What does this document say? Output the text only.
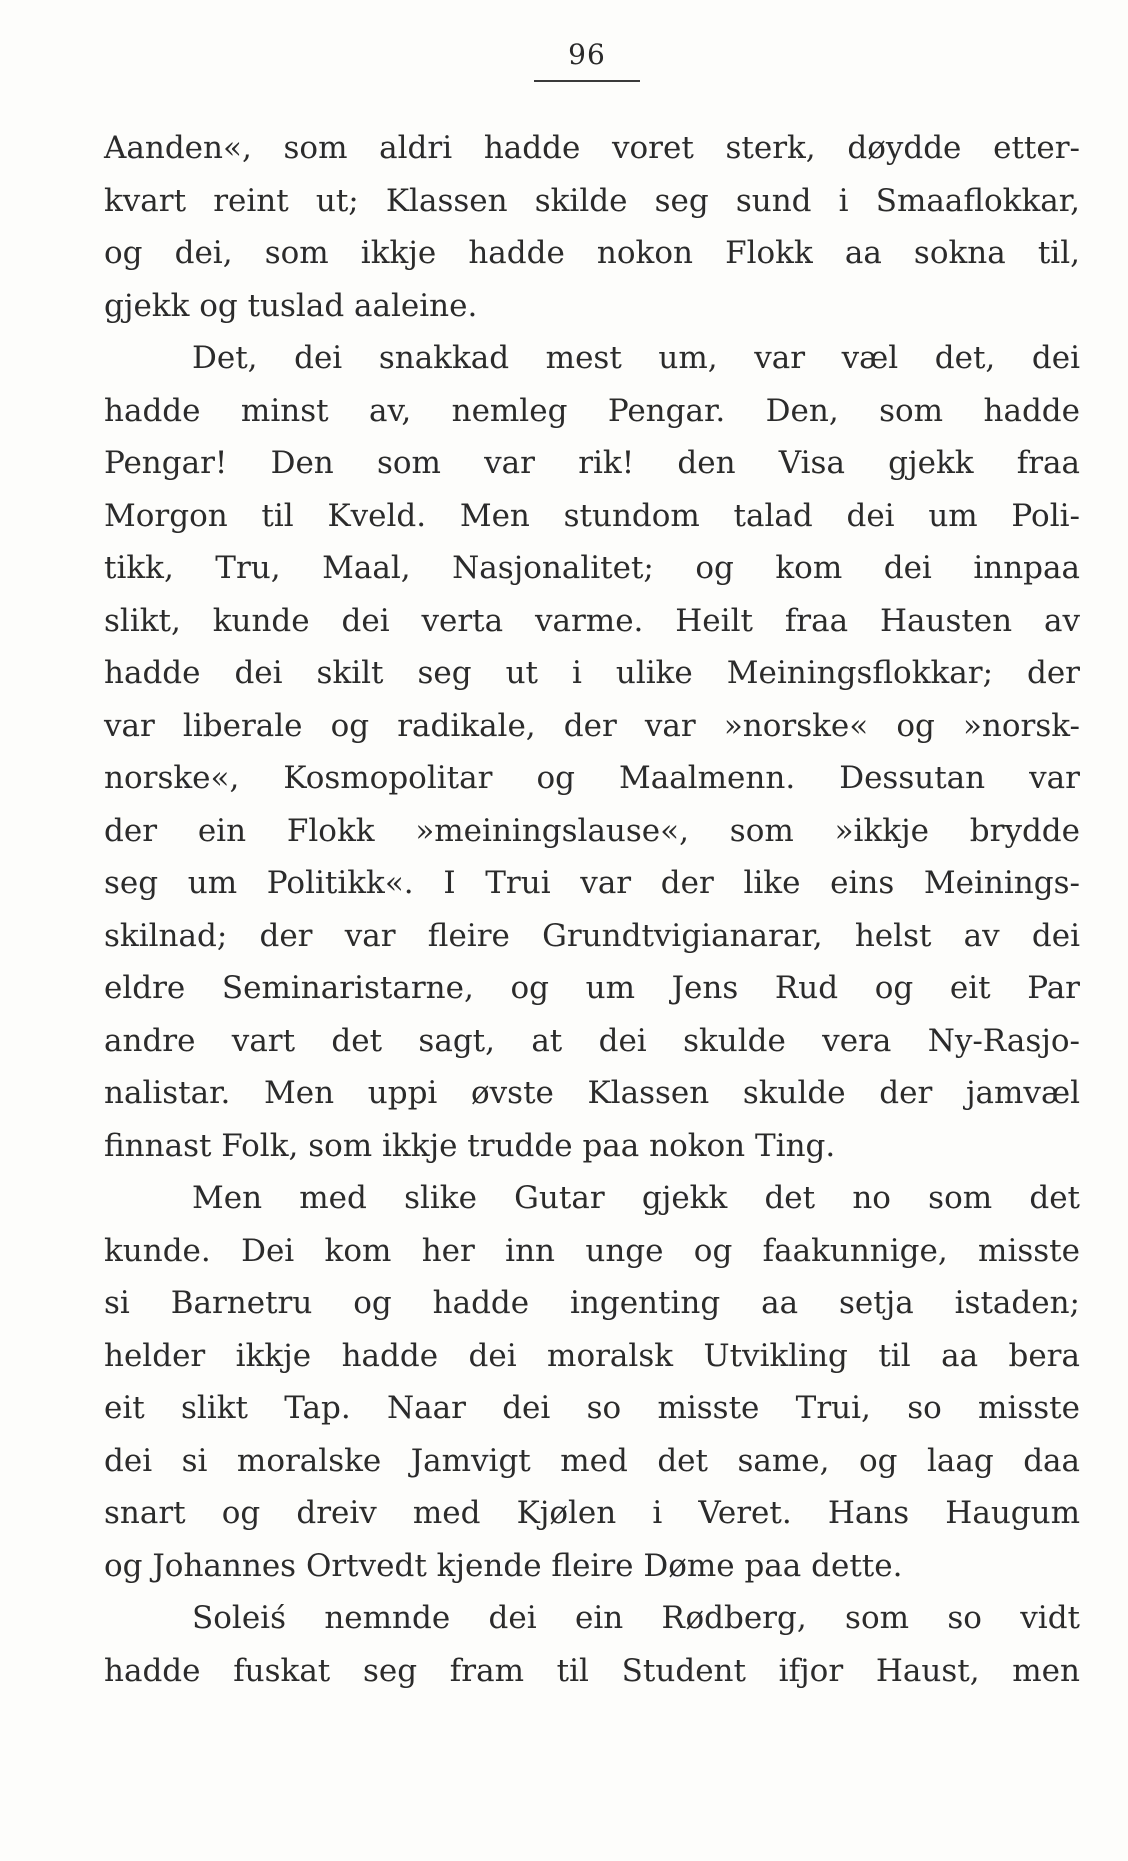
96
Aanden«, som aldri hadde voret sterk, døydde etter-
kvart reint ut; Klassen skilde seg sund i Smaaflokkar,
og dei, som ikkje hadde nokon Flokk aa sokna til,
gjekk og tuslad aaleine.
Det, dei snakkad mest um, var væl det, dei
hadde minst av, nemleg Pengar. Den, som hadde
Pengar! Den som var rik! den Visa gjekk fraa
Morgon til Kveld. Men stundom talad dei um Poli-
tikk, Tru, Maal, Nasjonalitet; og kom dei innpaa
slikt, kunde dei verta varme. Heilt fraa Hausten av
hadde dei skilt seg ut i ulike Meiningsflokkar; der
var liberale og radikale, der var »norske« og »norsk-
norske«, Kosmopolitar og Maalmenn. Dessutan var
der ein Flokk »meiningslause«, som »ikkje brydde
seg um Politikk«. I Trui var der like eins Meinings-
skilnad; der var fleire Grundtvigianarar, helst av dei
eldre Seminaristarne, og um Jens Rud og eit Par
andre vart det sagt, at dei skulde vera Ny-Rasjo-
nalistar. Men uppi øvste Klassen skulde der jamvæl
finnast Folk, som ikkje trudde paa nokon Ting.
Men med slike Gutar gjekk det no som det
kunde. Dei kom her inn unge og faakunnige, misste
si Barnetru og hadde ingenting aa setja istaden;
helder ikkje hadde dei moralsk Utvikling til aa bera
eit slikt Tap. Naar dei so misste Trui, so misste
dei si moralske Jamvigt med det same, og laag daa
snart og dreiv med Kjølen i Veret. Hans Haugum
og Johannes Ortvedt kjende fleire Døme paa dette.
Soleiś nemnde dei ein Rødberg, som so vidt
hadde fuskat seg fram til Student ifjor Haust, men
